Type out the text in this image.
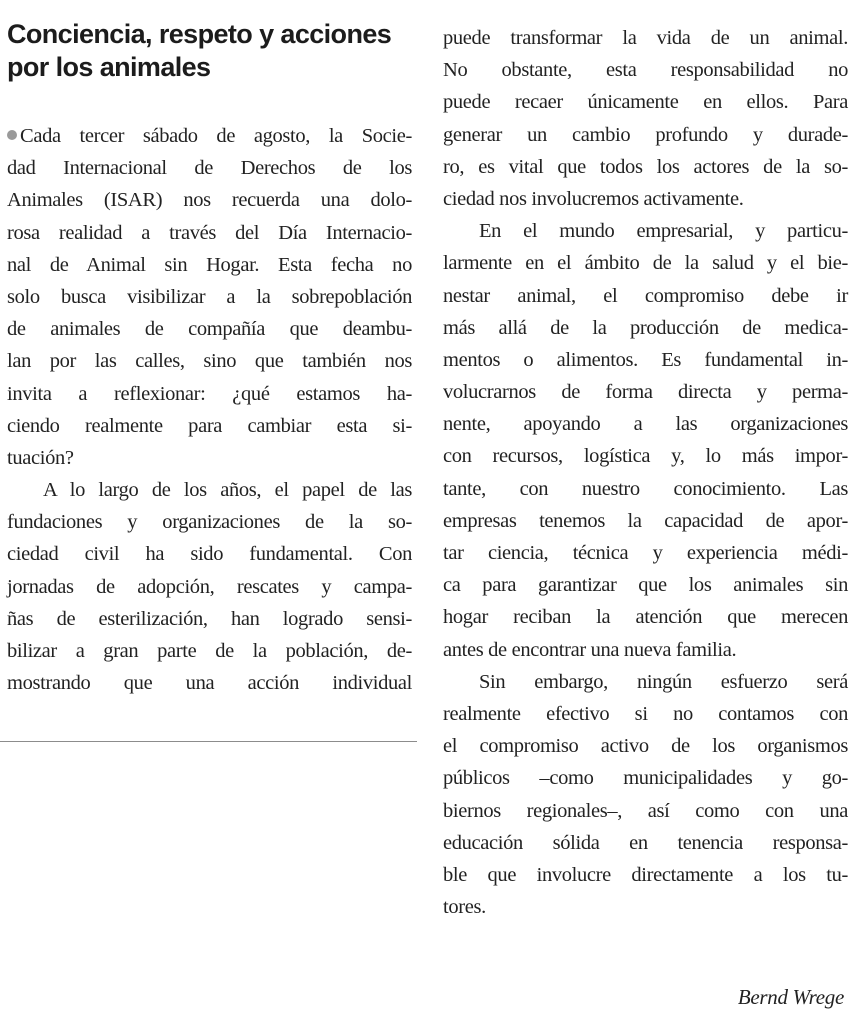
Conciencia, respeto y acciones por los animales
Cada tercer sábado de agosto, la Socie-
dad Internacional de Derechos de los
Animales (ISAR) nos recuerda una dolo-
rosa realidad a través del Día Internacio-
nal de Animal sin Hogar. Esta fecha no
solo busca visibilizar a la sobrepoblación
de animales de compañía que deambu-
lan por las calles, sino que también nos
invita a reflexionar: ¿qué estamos ha-
ciendo realmente para cambiar esta si-
tuación?
A lo largo de los años, el papel de las
fundaciones y organizaciones de la so-
ciedad civil ha sido fundamental. Con
jornadas de adopción, rescates y campa-
ñas de esterilización, han logrado sensi-
bilizar a gran parte de la población, de-
mostrando que una acción individual
puede transformar la vida de un animal.
No obstante, esta responsabilidad no
puede recaer únicamente en ellos. Para
generar un cambio profundo y durade-
ro, es vital que todos los actores de la so-
ciedad nos involucremos activamente.
En el mundo empresarial, y particu-
larmente en el ámbito de la salud y el bie-
nestar animal, el compromiso debe ir
más allá de la producción de medica-
mentos o alimentos. Es fundamental in-
volucrarnos de forma directa y perma-
nente, apoyando a las organizaciones
con recursos, logística y, lo más impor-
tante, con nuestro conocimiento. Las
empresas tenemos la capacidad de apor-
tar ciencia, técnica y experiencia médi-
ca para garantizar que los animales sin
hogar reciban la atención que merecen
antes de encontrar una nueva familia.
Sin embargo, ningún esfuerzo será
realmente efectivo si no contamos con
el compromiso activo de los organismos
públicos –como municipalidades y go-
biernos regionales–, así como con una
educación sólida en tenencia responsa-
ble que involucre directamente a los tu-
tores.
Bernd Wrege
